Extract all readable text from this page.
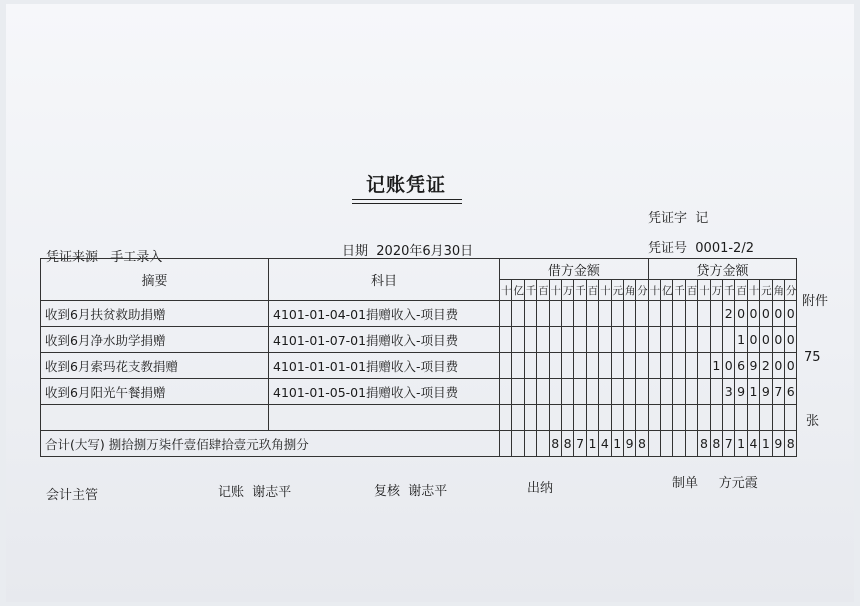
记账凭证
凭证字 记
凭证来源 手工录入	日期 2020年6月30日	凭证号 0001-2/2
摘要	科目	借方金额												贷方金额											
		十	亿	千	百	十	万	千	百	十	元	角	分	十	亿	千	百	十	万	千	百	十	元	角	分
收到6月扶贫救助捐赠	4101-01-04-01捐赠收入-项目费																			2	0	0	0	0	0
收到6月净水助学捐赠	4101-01-07-01捐赠收入-项目费																				1	0	0	0	0
收到6月索玛花支教捐赠	4101-01-01-01捐赠收入-项目费																		1	0	6	9	2	0	0
收到6月阳光午餐捐赠	4101-01-05-01捐赠收入-项目费																			3	9	1	9	7	6

合计(大写) 捌拾捌万柒仟壹佰肆拾壹元玖角捌分						8	8	7	1	4	1	9	8					8	8	7	1	4	1	9	8
附件
75
张
会计主管	记账 谢志平	复核 谢志平	出纳	制单 方元霞
